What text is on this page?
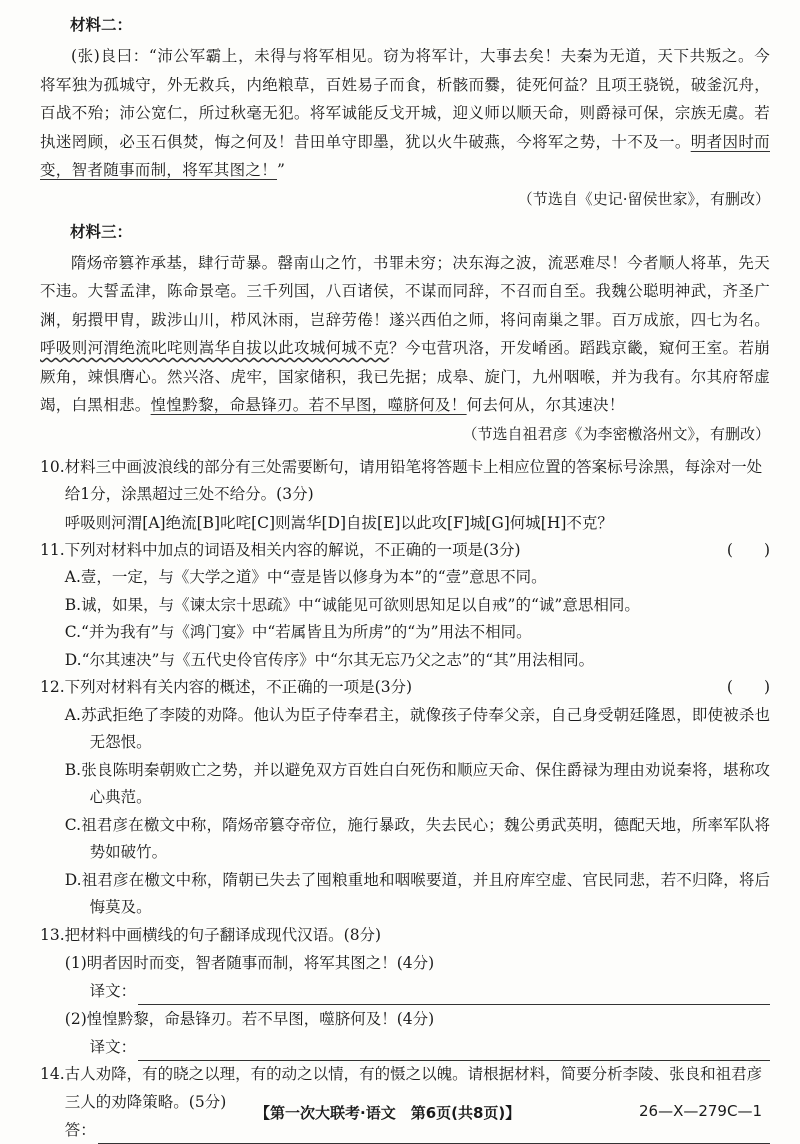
材料二：
(张)良曰：“沛公军霸上，未得与将军相见。窃为将军计，大事去矣！夫秦为无道，天下共叛之。今将军独为孤城守，外无救兵，内绝粮草，百姓易子而食，析骸而爨，徒死何益？且项王骁锐，破釜沉舟，百战不殆；沛公宽仁，所过秋毫无犯。将军诚能反戈开城，迎义师以顺天命，则爵禄可保，宗族无虞。若执迷罔顾，必玉石俱焚，悔之何及！昔田单守即墨，犹以火牛破燕，今将军之势，十不及一。明者因时而变，智者随事而制，将军其图之！”
（节选自《史记·留侯世家》，有删改）
材料三：
隋炀帝篡祚承基，肆行苛暴。罄南山之竹，书罪未穷；决东海之波，流恶难尽！今者顺人将革，先天不违。大誓孟津，陈命景亳。三千列国，八百诸侯，不谋而同辞，不召而自至。我魏公聪明神武，齐圣广渊，躬擐甲胄，跋涉山川，栉风沐雨，岂辞劳倦！遂兴西伯之师，将问南巢之罪。百万成旅，四七为名。呼吸则河渭绝流叱咤则嵩华自拔以此攻城何城不克？今屯营巩洛，开发崤函。蹈践京畿，窥何王室。若崩厥角，竦惧膺心。然兴洛、虎牢，国家储积，我已先据；成皋、旋门，九州咽喉，并为我有。尔其府帑虚竭，白黑相悲。惶惶黔黎，命悬锋刃。若不早图，噬脐何及！何去何从，尔其速决！
（节选自祖君彦《为李密檄洛州文》，有删改）
10.材料三中画波浪线的部分有三处需要断句，请用铅笔将答题卡上相应位置的答案标号涂黑，每涂对一处给1分，涂黑超过三处不给分。(3分)
呼吸则河渭[A]绝流[B]叱咤[C]则嵩华[D]自拔[E]以此攻[F]城[G]何城[H]不克？
11.下列对材料中加点的词语及相关内容的解说，不正确的一项是(3分)	(　　)
A.壹，一定，与《大学之道》中“壹是皆以修身为本”的“壹”意思不同。
B.诚，如果，与《谏太宗十思疏》中“诚能见可欲则思知足以自戒”的“诚”意思相同。
C.“并为我有”与《鸿门宴》中“若属皆且为所虏”的“为”用法不相同。
D.“尔其速决”与《五代史伶官传序》中“尔其无忘乃父之志”的“其”用法相同。
12.下列对材料有关内容的概述，不正确的一项是(3分)	(　　)
A.苏武拒绝了李陵的劝降。他认为臣子侍奉君主，就像孩子侍奉父亲，自己身受朝廷隆恩，即使被杀也无怨恨。
B.张良陈明秦朝败亡之势，并以避免双方百姓白白死伤和顺应天命、保住爵禄为理由劝说秦将，堪称攻心典范。
C.祖君彦在檄文中称，隋炀帝篡夺帝位，施行暴政，失去民心；魏公勇武英明，德配天地，所率军队将势如破竹。
D.祖君彦在檄文中称，隋朝已失去了囤粮重地和咽喉要道，并且府库空虚、官民同悲，若不归降，将后悔莫及。
13.把材料中画横线的句子翻译成现代汉语。(8分)
(1)明者因时而变，智者随事而制，将军其图之！(4分)
译文：
(2)惶惶黔黎，命悬锋刃。若不早图，噬脐何及！(4分)
译文：
14.古人劝降，有的晓之以理，有的动之以情，有的慑之以魄。请根据材料，简要分析李陵、张良和祖君彦三人的劝降策略。(5分)
答：
【第一次大联考·语文　第6页(共8页)】	26—X—279C—1
